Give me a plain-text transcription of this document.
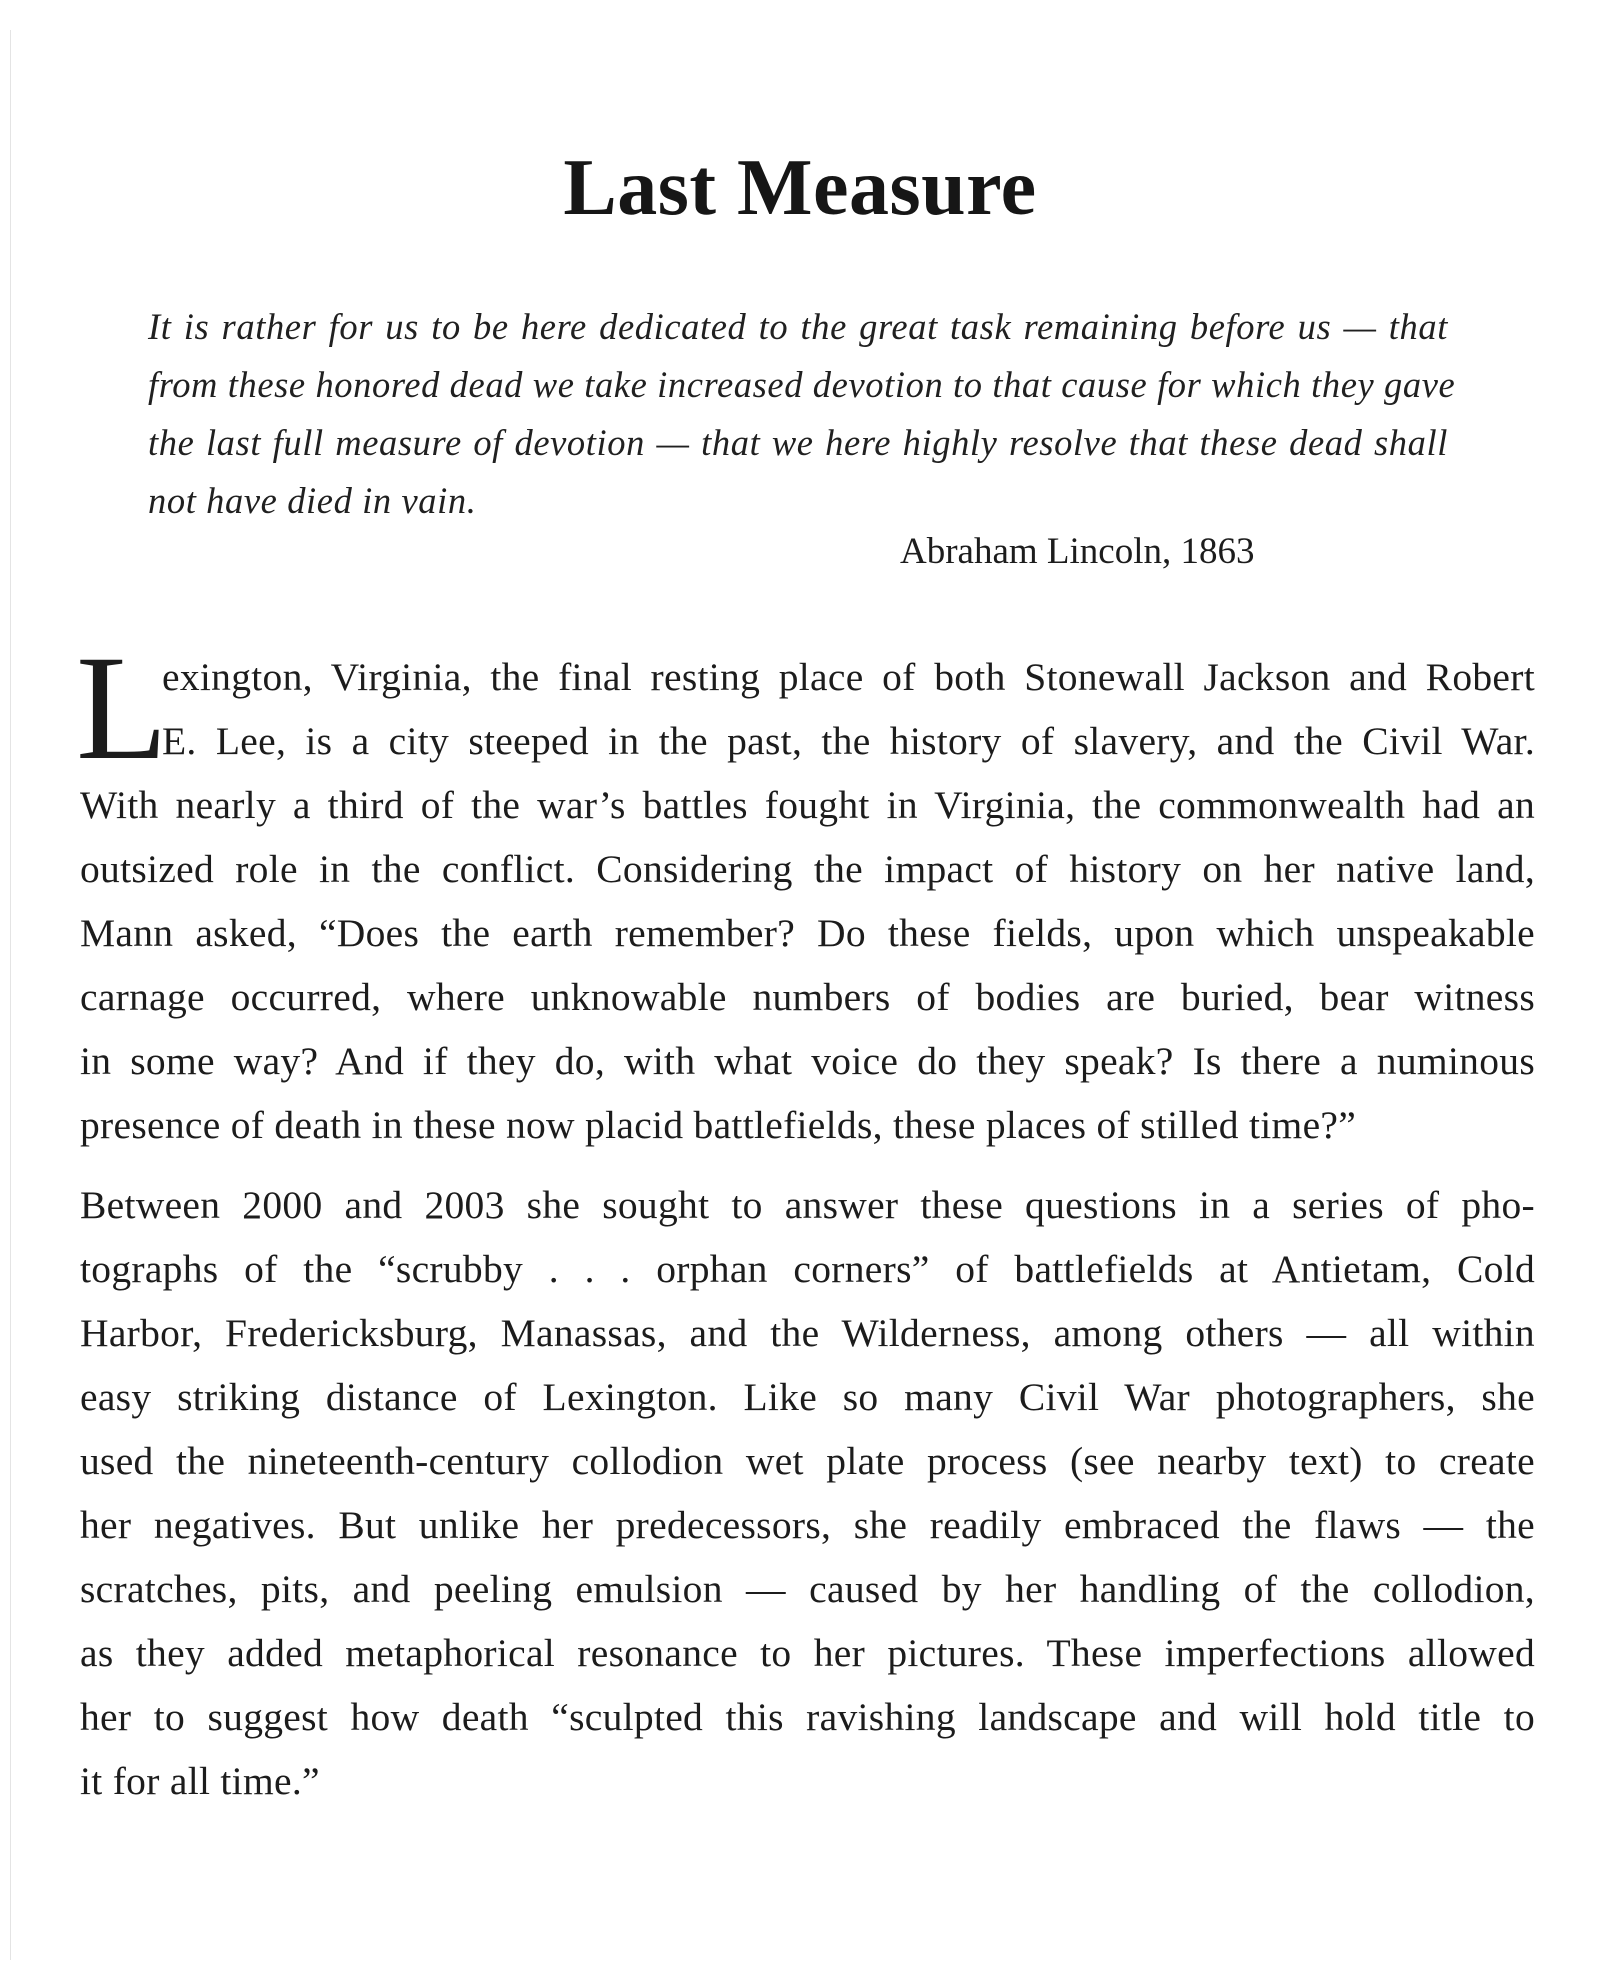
Last Measure
It is rather for us to be here dedicated to the great task remaining before us — that
from these honored dead we take increased devotion to that cause for which they gave
the last full measure of devotion — that we here highly resolve that these dead shall
not have died in vain.
Abraham Lincoln, 1863
L
exington, Virginia, the final resting place of both Stonewall Jackson and Robert
E. Lee, is a city steeped in the past, the history of slavery, and the Civil War.
With nearly a third of the war’s battles fought in Virginia, the commonwealth had an
outsized role in the conflict. Considering the impact of history on her native land,
Mann asked, “Does the earth remember? Do these fields, upon which unspeakable
carnage occurred, where unknowable numbers of bodies are buried, bear witness
in some way? And if they do, with what voice do they speak? Is there a numinous
presence of death in these now placid battlefields, these places of stilled time?”
Between 2000 and 2003 she sought to answer these questions in a series of pho-
tographs of the “scrubby . . . orphan corners” of battlefields at Antietam, Cold
Harbor, Fredericksburg, Manassas, and the Wilderness, among others — all within
easy striking distance of Lexington. Like so many Civil War photographers, she
used the nineteenth-century collodion wet plate process (see nearby text) to create
her negatives. But unlike her predecessors, she readily embraced the flaws — the
scratches, pits, and peeling emulsion — caused by her handling of the collodion,
as they added metaphorical resonance to her pictures. These imperfections allowed
her to suggest how death “sculpted this ravishing landscape and will hold title to
it for all time.”
